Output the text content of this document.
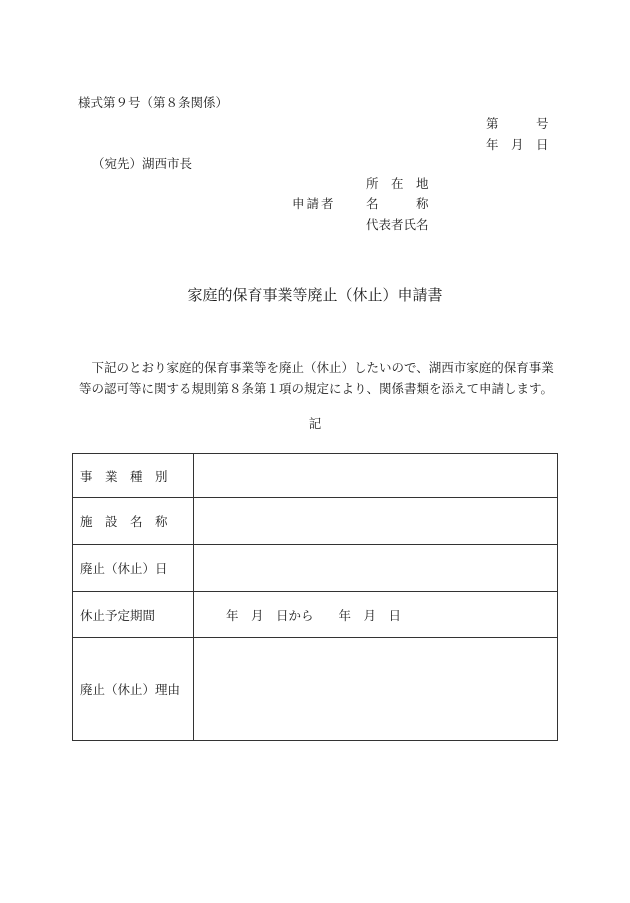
様式第９号（第８条関係）
第　　　号
年　月　日
（宛先）湖西市長
申請者
所　在　地
名　　　称
代表者氏名
家庭的保育事業等廃止（休止）申請書
下記のとおり家庭的保育事業等を廃止（休止）したいので、湖西市家庭的保育事業等の認可等に関する規則第８条第１項の規定により、関係書類を添えて申請します。
記
事　業　種　別	
施　設　名　称	
廃止（休止）日	
休止予定期間	年　月　日から　　年　月　日
廃止（休止）理由	
